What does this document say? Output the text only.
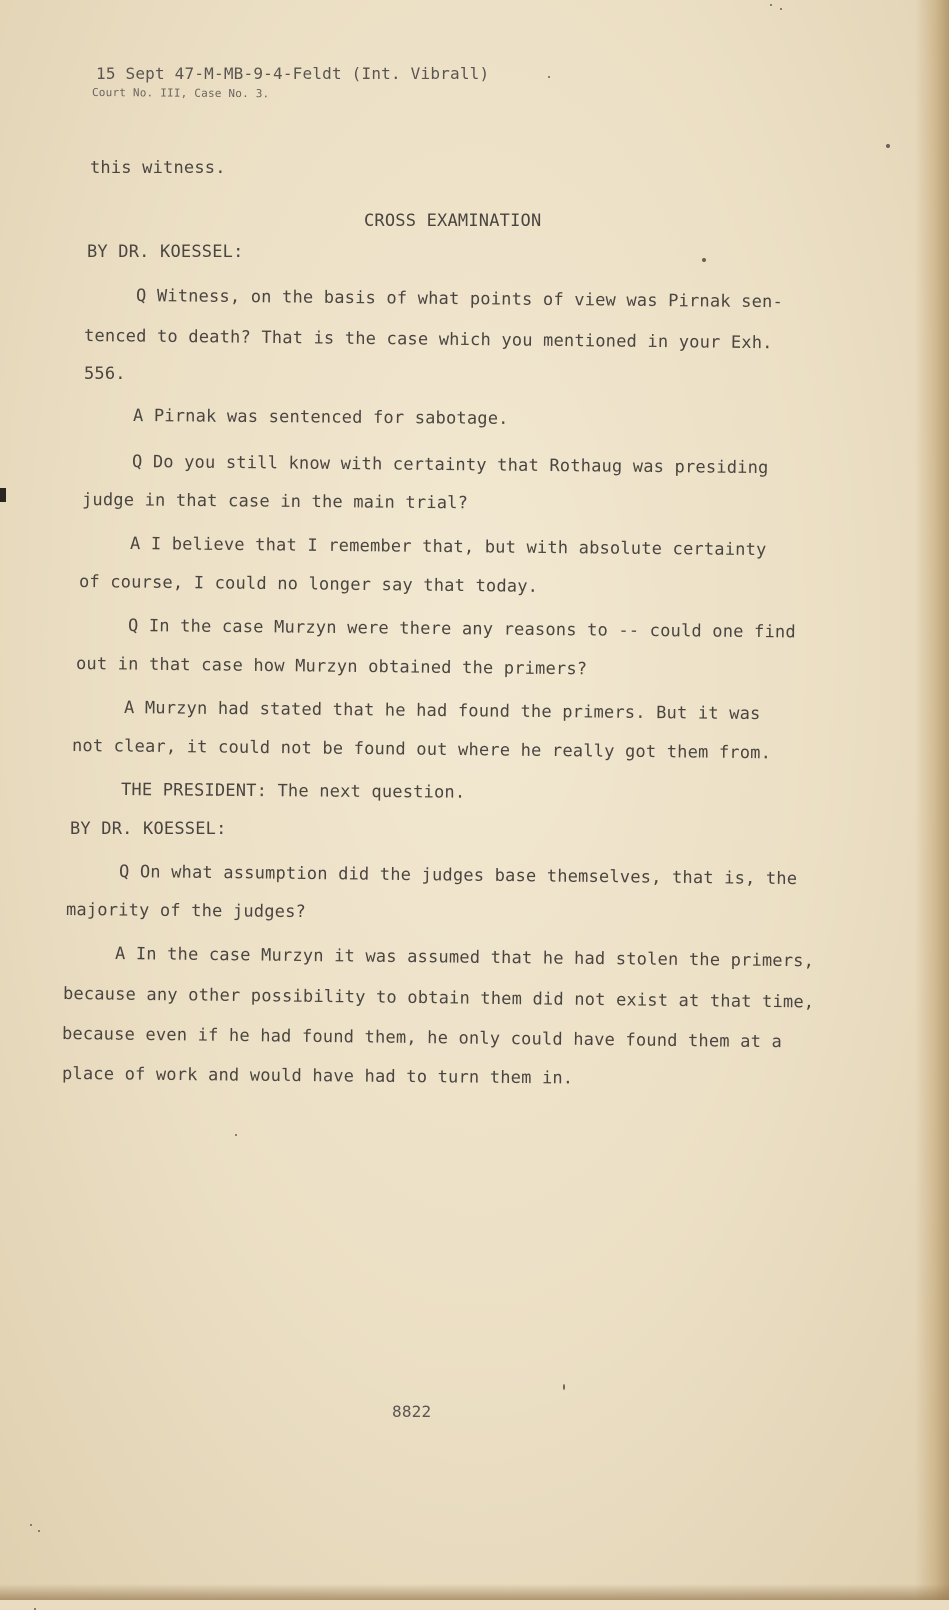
15 Sept 47-M-MB-9-4-Feldt (Int. Vibrall)
Court No. III, Case No. 3.
this witness.
CROSS EXAMINATION
BY DR. KOESSEL:
Q Witness, on the basis of what points of view was Pirnak sen-
tenced to death? That is the case which you mentioned in your Exh.
556.
A Pirnak was sentenced for sabotage.
Q Do you still know with certainty that Rothaug was presiding
judge in that case in the main trial?
A I believe that I remember that, but with absolute certainty
of course, I could no longer say that today.
Q In the case Murzyn were there any reasons to -- could one find
out in that case how Murzyn obtained the primers?
A Murzyn had stated that he had found the primers. But it was
not clear, it could not be found out where he really got them from.
THE PRESIDENT: The next question.
BY DR. KOESSEL:
Q On what assumption did the judges base themselves, that is, the
majority of the judges?
A In the case Murzyn it was assumed that he had stolen the primers,
because any other possibility to obtain them did not exist at that time,
because even if he had found them, he only could have found them at a
place of work and would have had to turn them in.
8822
